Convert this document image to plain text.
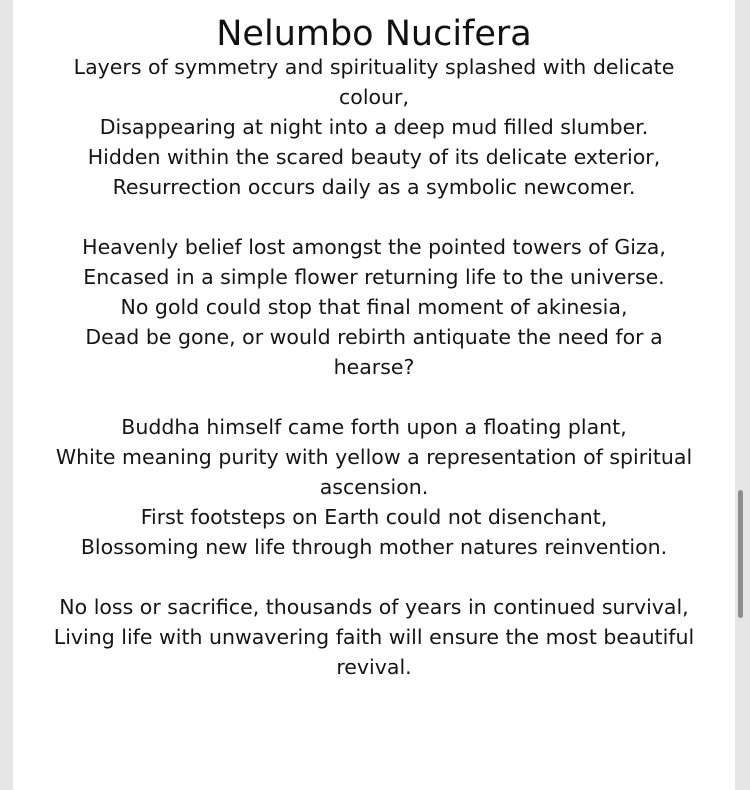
Nelumbo Nucifera
Layers of symmetry and spirituality splashed with delicate colour,
Disappearing at night into a deep mud filled slumber.
Hidden within the scared beauty of its delicate exterior,
Resurrection occurs daily as a symbolic newcomer.
Heavenly belief lost amongst the pointed towers of Giza,
Encased in a simple flower returning life to the universe.
No gold could stop that final moment of akinesia,
Dead be gone, or would rebirth antiquate the need for a hearse?
Buddha himself came forth upon a floating plant,
White meaning purity with yellow a representation of spiritual ascension.
First footsteps on Earth could not disenchant,
Blossoming new life through mother natures reinvention.
No loss or sacrifice, thousands of years in continued survival,
Living life with unwavering faith will ensure the most beautiful revival.
